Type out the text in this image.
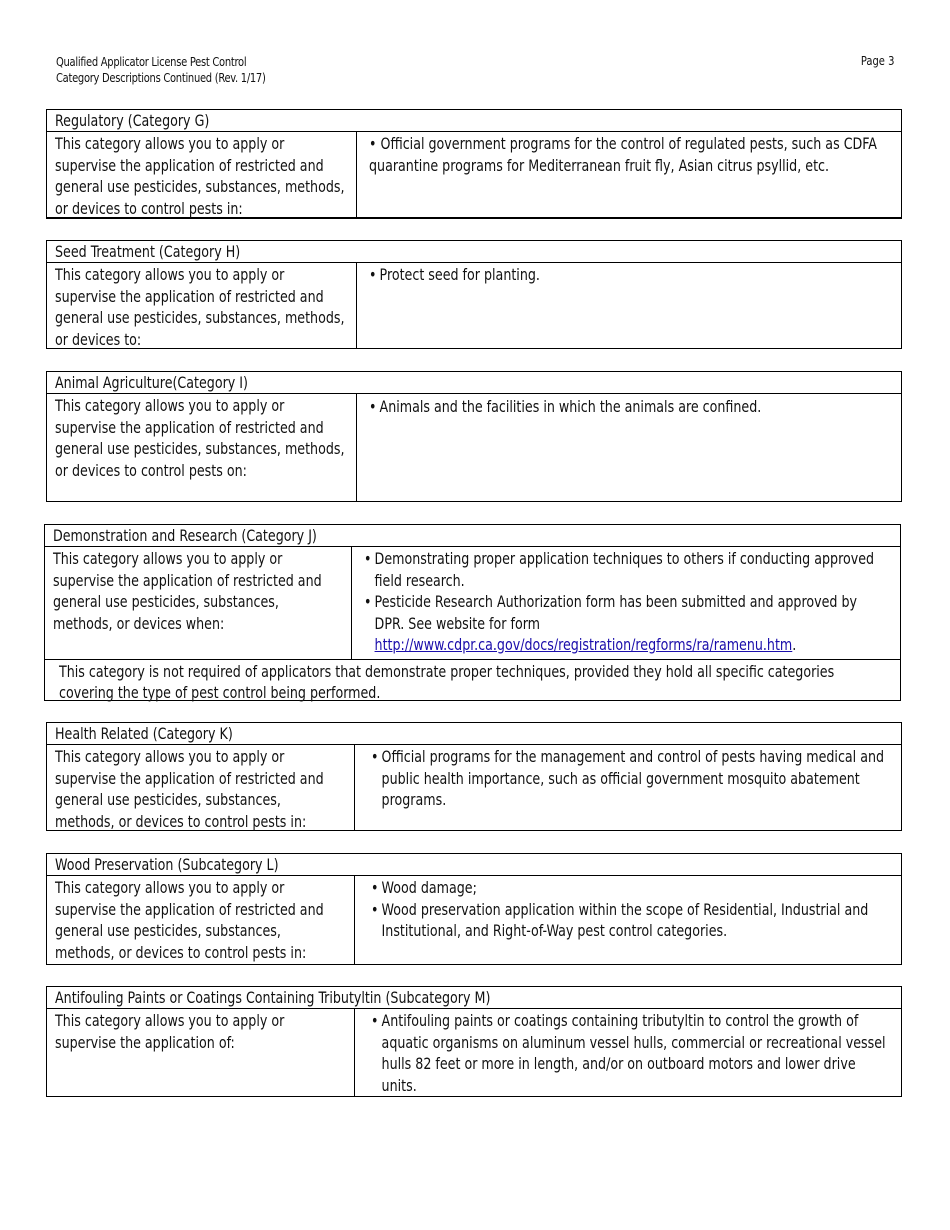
Qualified Applicator License Pest Control
Category Descriptions Continued (Rev. 1/17)
Page 3
Regulatory (Category G)
This category allows you to apply or supervise the application of restricted and general use pesticides, substances, methods, or devices to control pests in:
• Official government programs for the control of regulated pests, such as CDFA quarantine programs for Mediterranean fruit fly, Asian citrus psyllid, etc.
Seed Treatment (Category H)
This category allows you to apply or supervise the application of restricted and general use pesticides, substances, methods, or devices to:
• Protect seed for planting.
Animal Agriculture(Category I)
This category allows you to apply or supervise the application of restricted and general use pesticides, substances, methods, or devices to control pests on:
• Animals and the facilities in which the animals are confined.
Demonstration and Research (Category J)
This category allows you to apply or supervise the application of restricted and general use pesticides, substances, methods, or devices when:
• Demonstrating proper application techniques to others if conducting approved field research.
• Pesticide Research Authorization form has been submitted and approved by DPR. See website for form
http://www.cdpr.ca.gov/docs/registration/regforms/ra/ramenu.htm.
This category is not required of applicators that demonstrate proper techniques, provided they hold all specific categories covering the type of pest control being performed.
Health Related (Category K)
This category allows you to apply or supervise the application of restricted and general use pesticides, substances, methods, or devices to control pests in:
• Official programs for the management and control of pests having medical and public health importance, such as official government mosquito abatement programs.
Wood Preservation (Subcategory L)
This category allows you to apply or supervise the application of restricted and general use pesticides, substances, methods, or devices to control pests in:
• Wood damage;
• Wood preservation application within the scope of Residential, Industrial and Institutional, and Right-of-Way pest control categories.
Antifouling Paints or Coatings Containing Tributyltin (Subcategory M)
This category allows you to apply or supervise the application of:
• Antifouling paints or coatings containing tributyltin to control the growth of aquatic organisms on aluminum vessel hulls, commercial or recreational vessel hulls 82 feet or more in length, and/or on outboard motors and lower drive units.
